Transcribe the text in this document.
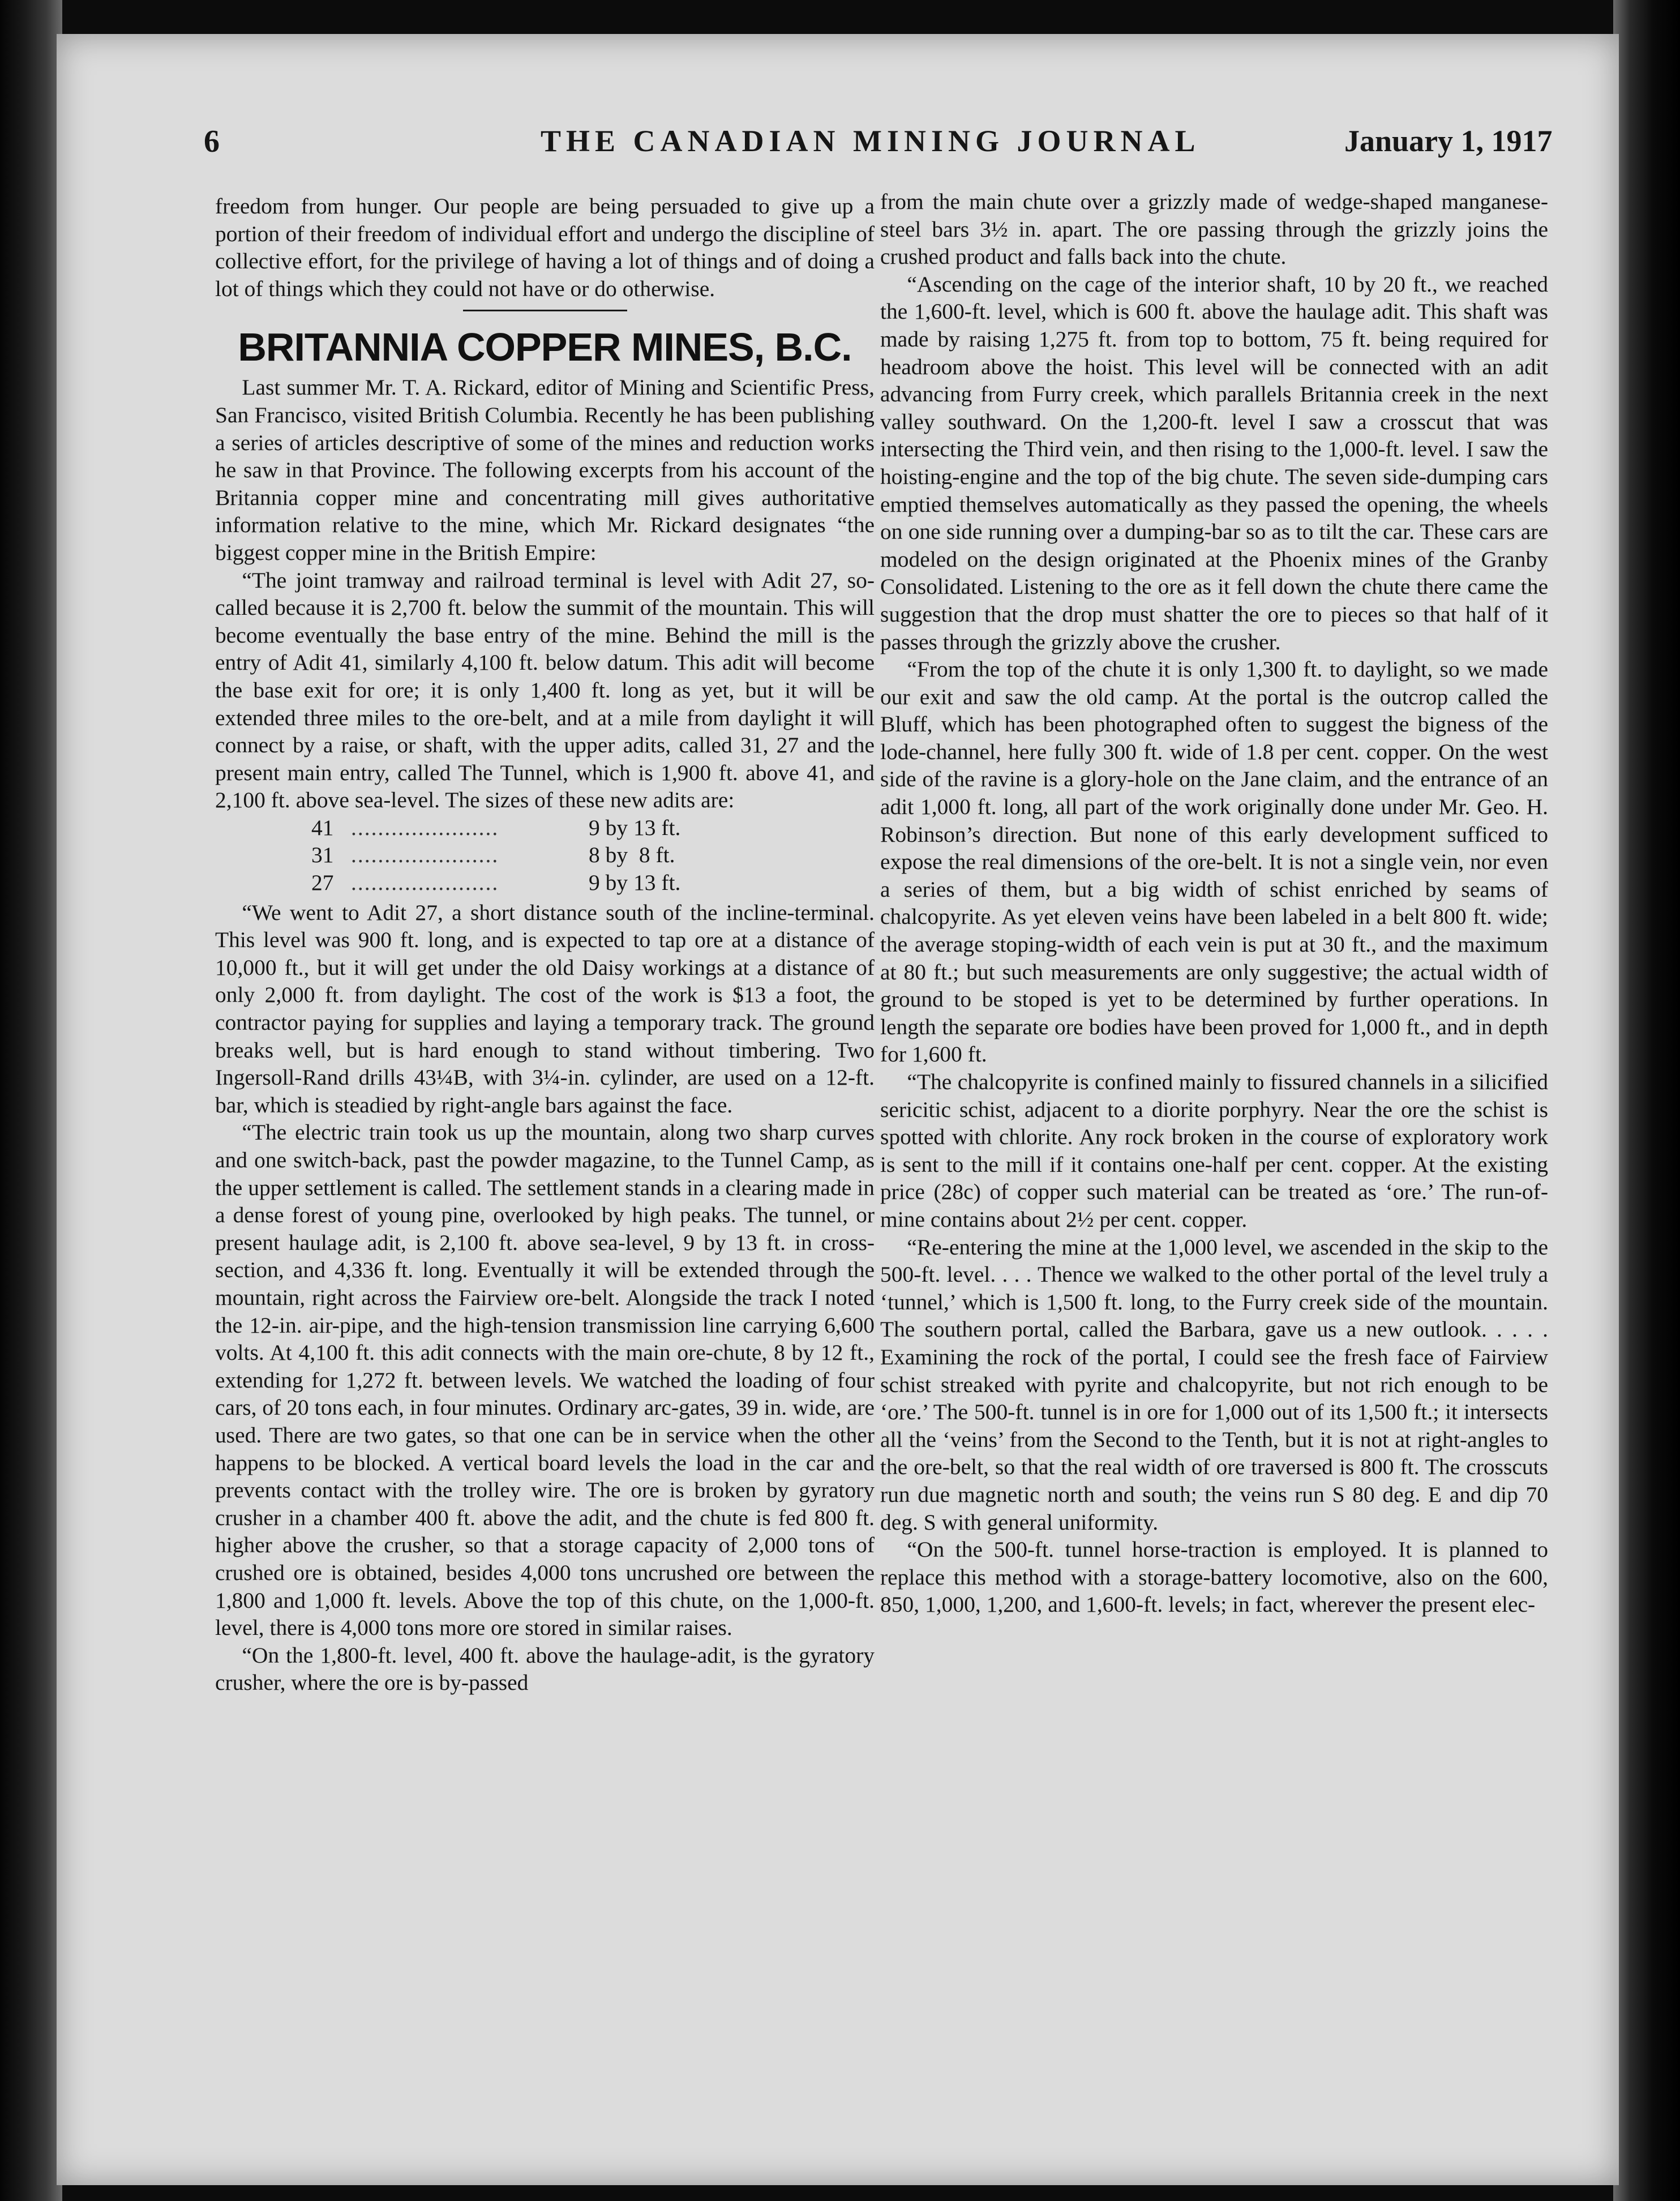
6	THE CANADIAN MINING JOURNAL	January 1, 1917

freedom from hunger. Our people are being persuaded to give up a portion of their freedom of individual effort and undergo the discipline of collective effort, for the privilege of having a lot of things and of doing a lot of things which they could not have or do otherwise.

BRITANNIA COPPER MINES, B.C.

Last summer Mr. T. A. Rickard, editor of Mining and Scientific Press, San Francisco, visited British Columbia. Recently he has been publishing a series of articles descriptive of some of the mines and reduction works he saw in that Province. The following excerpts from his account of the Britannia copper mine and concentrating mill gives authoritative information relative to the mine, which Mr. Rickard designates “the biggest copper mine in the British Empire:

“The joint tramway and railroad terminal is level with Adit 27, so-called because it is 2,700 ft. below the summit of the mountain. This will become eventually the base entry of the mine. Behind the mill is the entry of Adit 41, similarly 4,100 ft. below datum. This adit will become the base exit for ore; it is only 1,400 ft. long as yet, but it will be extended three miles to the ore-belt, and at a mile from daylight it will connect by a raise, or shaft, with the upper adits, called 31, 27 and the present main entry, called The Tunnel, which is 1,900 ft. above 41, and 2,100 ft. above sea-level. The sizes of these new adits are:

41	......................	9 by 13 ft.
31	......................	8 by  8 ft.
27	......................	9 by 13 ft.

“We went to Adit 27, a short distance south of the incline-terminal. This level was 900 ft. long, and is expected to tap ore at a distance of 10,000 ft., but it will get under the old Daisy workings at a distance of only 2,000 ft. from daylight. The cost of the work is $13 a foot, the contractor paying for supplies and laying a temporary track. The ground breaks well, but is hard enough to stand without timbering. Two Ingersoll-Rand drills 43¼B, with 3¼-in. cylinder, are used on a 12-ft. bar, which is steadied by right-angle bars against the face.

“The electric train took us up the mountain, along two sharp curves and one switch-back, past the powder magazine, to the Tunnel Camp, as the upper settlement is called. The settlement stands in a clearing made in a dense forest of young pine, overlooked by high peaks. The tunnel, or present haulage adit, is 2,100 ft. above sea-level, 9 by 13 ft. in cross-section, and 4,336 ft. long. Eventually it will be extended through the mountain, right across the Fairview ore-belt. Alongside the track I noted the 12-in. air-pipe, and the high-tension transmission line carrying 6,600 volts. At 4,100 ft. this adit connects with the main ore-chute, 8 by 12 ft., extending for 1,272 ft. between levels. We watched the loading of four cars, of 20 tons each, in four minutes. Ordinary arc-gates, 39 in. wide, are used. There are two gates, so that one can be in service when the other happens to be blocked. A vertical board levels the load in the car and prevents contact with the trolley wire. The ore is broken by gyratory crusher in a chamber 400 ft. above the adit, and the chute is fed 800 ft. higher above the crusher, so that a storage capacity of 2,000 tons of crushed ore is obtained, besides 4,000 tons uncrushed ore between the 1,800 and 1,000 ft. levels. Above the top of this chute, on the 1,000-ft. level, there is 4,000 tons more ore stored in similar raises.

“On the 1,800-ft. level, 400 ft. above the haulage-adit, is the gyratory crusher, where the ore is by-passed

from the main chute over a grizzly made of wedge-shaped manganese-steel bars 3½ in. apart. The ore passing through the grizzly joins the crushed product and falls back into the chute.

“Ascending on the cage of the interior shaft, 10 by 20 ft., we reached the 1,600-ft. level, which is 600 ft. above the haulage adit. This shaft was made by raising 1,275 ft. from top to bottom, 75 ft. being required for headroom above the hoist. This level will be connected with an adit advancing from Furry creek, which parallels Britannia creek in the next valley southward. On the 1,200-ft. level I saw a crosscut that was intersecting the Third vein, and then rising to the 1,000-ft. level. I saw the hoisting-engine and the top of the big chute. The seven side-dumping cars emptied themselves automatically as they passed the opening, the wheels on one side running over a dumping-bar so as to tilt the car. These cars are modeled on the design originated at the Phoenix mines of the Granby Consolidated. Listening to the ore as it fell down the chute there came the suggestion that the drop must shatter the ore to pieces so that half of it passes through the grizzly above the crusher.

“From the top of the chute it is only 1,300 ft. to daylight, so we made our exit and saw the old camp. At the portal is the outcrop called the Bluff, which has been photographed often to suggest the bigness of the lode-channel, here fully 300 ft. wide of 1.8 per cent. copper. On the west side of the ravine is a glory-hole on the Jane claim, and the entrance of an adit 1,000 ft. long, all part of the work originally done under Mr. Geo. H. Robinson’s direction. But none of this early development sufficed to expose the real dimensions of the ore-belt. It is not a single vein, nor even a series of them, but a big width of schist enriched by seams of chalcopyrite. As yet eleven veins have been labeled in a belt 800 ft. wide; the average stoping-width of each vein is put at 30 ft., and the maximum at 80 ft.; but such measurements are only suggestive; the actual width of ground to be stoped is yet to be determined by further operations. In length the separate ore bodies have been proved for 1,000 ft., and in depth for 1,600 ft.

“The chalcopyrite is confined mainly to fissured channels in a silicified sericitic schist, adjacent to a diorite porphyry. Near the ore the schist is spotted with chlorite. Any rock broken in the course of exploratory work is sent to the mill if it contains one-half per cent. copper. At the existing price (28c) of copper such material can be treated as ‘ore.’ The run-of-mine contains about 2½ per cent. copper.

“Re-entering the mine at the 1,000 level, we ascended in the skip to the 500-ft. level. . . . Thence we walked to the other portal of the level truly a ‘tunnel,’ which is 1,500 ft. long, to the Furry creek side of the mountain. The southern portal, called the Barbara, gave us a new outlook. . . . . Examining the rock of the portal, I could see the fresh face of Fairview schist streaked with pyrite and chalcopyrite, but not rich enough to be ‘ore.’ The 500-ft. tunnel is in ore for 1,000 out of its 1,500 ft.; it intersects all the ‘veins’ from the Second to the Tenth, but it is not at right-angles to the ore-belt, so that the real width of ore traversed is 800 ft. The crosscuts run due magnetic north and south; the veins run S 80 deg. E and dip 70 deg. S with general uniformity.

“On the 500-ft. tunnel horse-traction is employed. It is planned to replace this method with a storage-battery locomotive, also on the 600, 850, 1,000, 1,200, and 1,600-ft. levels; in fact, wherever the present elec-
